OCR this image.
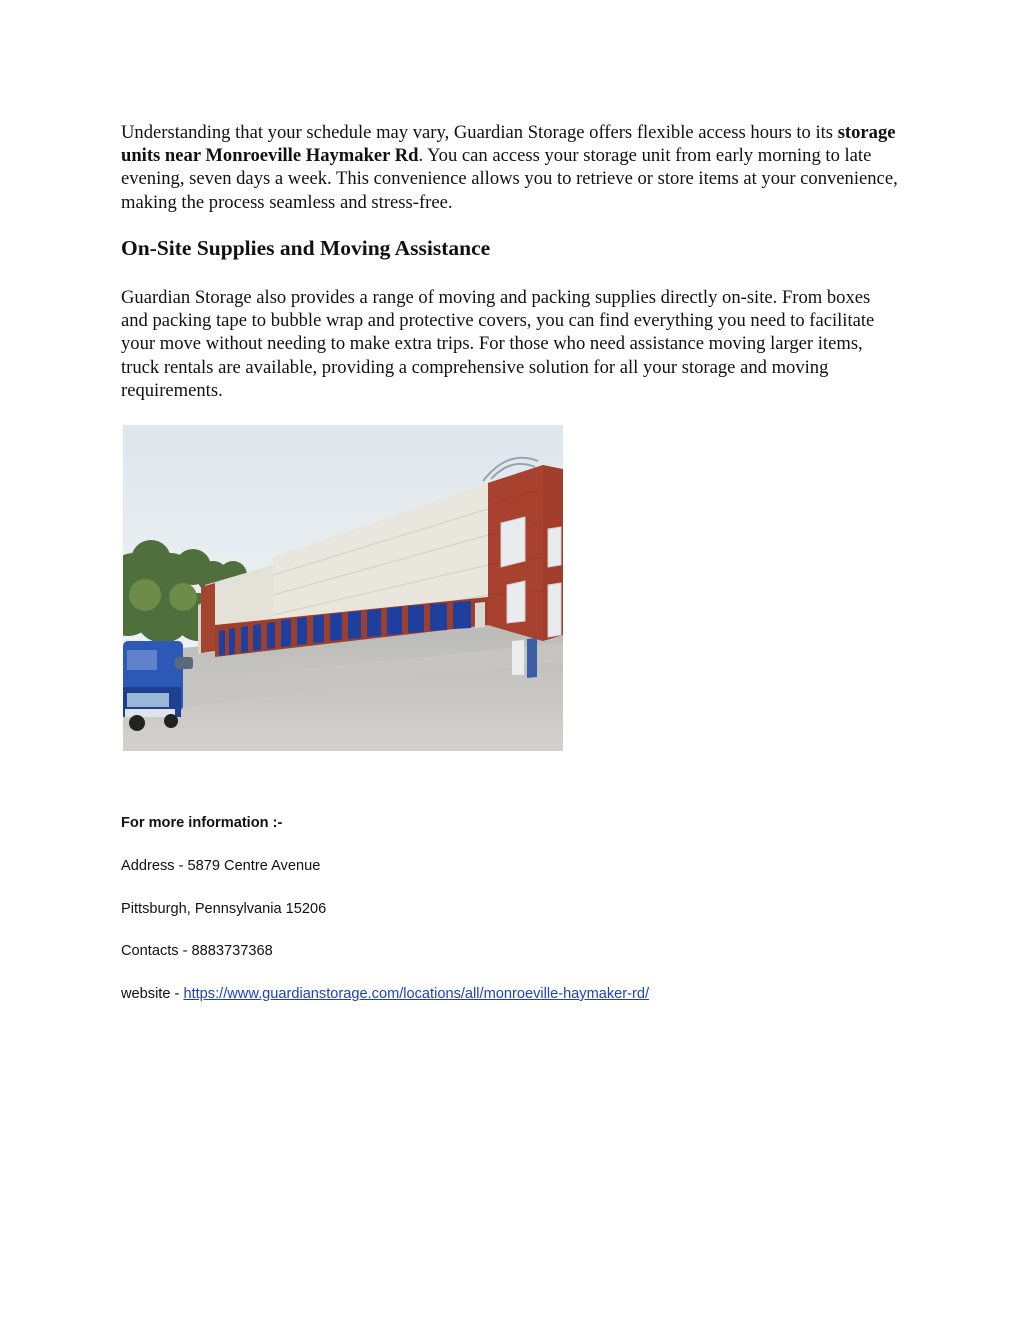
Understanding that your schedule may vary, Guardian Storage offers flexible access hours to its storage units near Monroeville Haymaker Rd. You can access your storage unit from early morning to late evening, seven days a week. This convenience allows you to retrieve or store items at your convenience, making the process seamless and stress-free.

On-Site Supplies and Moving Assistance

Guardian Storage also provides a range of moving and packing supplies directly on-site. From boxes and packing tape to bubble wrap and protective covers, you can find everything you need to facilitate your move without needing to make extra trips. For those who need assistance moving larger items, truck rentals are available, providing a comprehensive solution for all your storage and moving requirements.

For more information :-

Address - 5879 Centre Avenue

Pittsburgh, Pennsylvania 15206

Contacts - 8883737368

website - https://www.guardianstorage.com/locations/all/monroeville-haymaker-rd/
